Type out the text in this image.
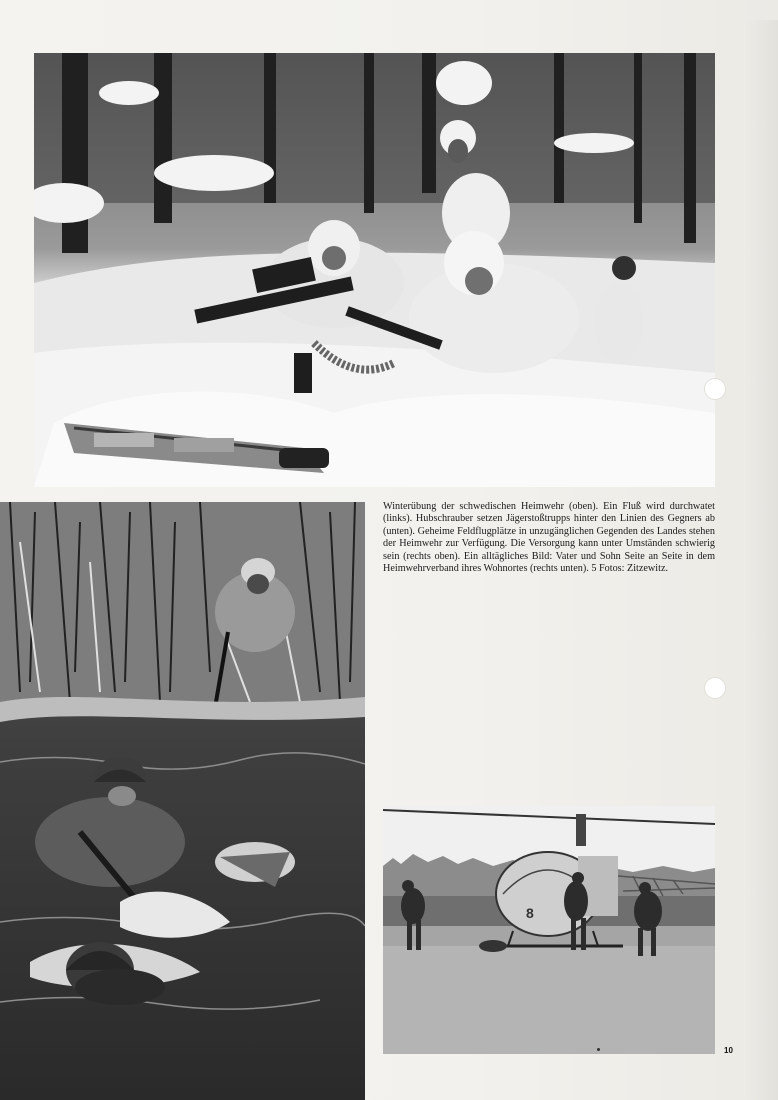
Winterübung der schwedischen Heimwehr (oben). Ein Fluß wird durchwatet (links). Hubschrauber setzen Jägerstoßtrupps hinter den Linien des Gegners ab (unten). Geheime Feldflugplätze in unzugänglichen Gegenden des Landes stehen der Heimwehr zur Verfügung. Die Versorgung kann unter Umständen schwierig sein (rechts oben). Ein alltägliches Bild: Vater und Sohn Seite an Seite in dem Heimwehrverband ihres Wohnortes (rechts unten). 5 Fotos: Zitzewitz.
8
10
